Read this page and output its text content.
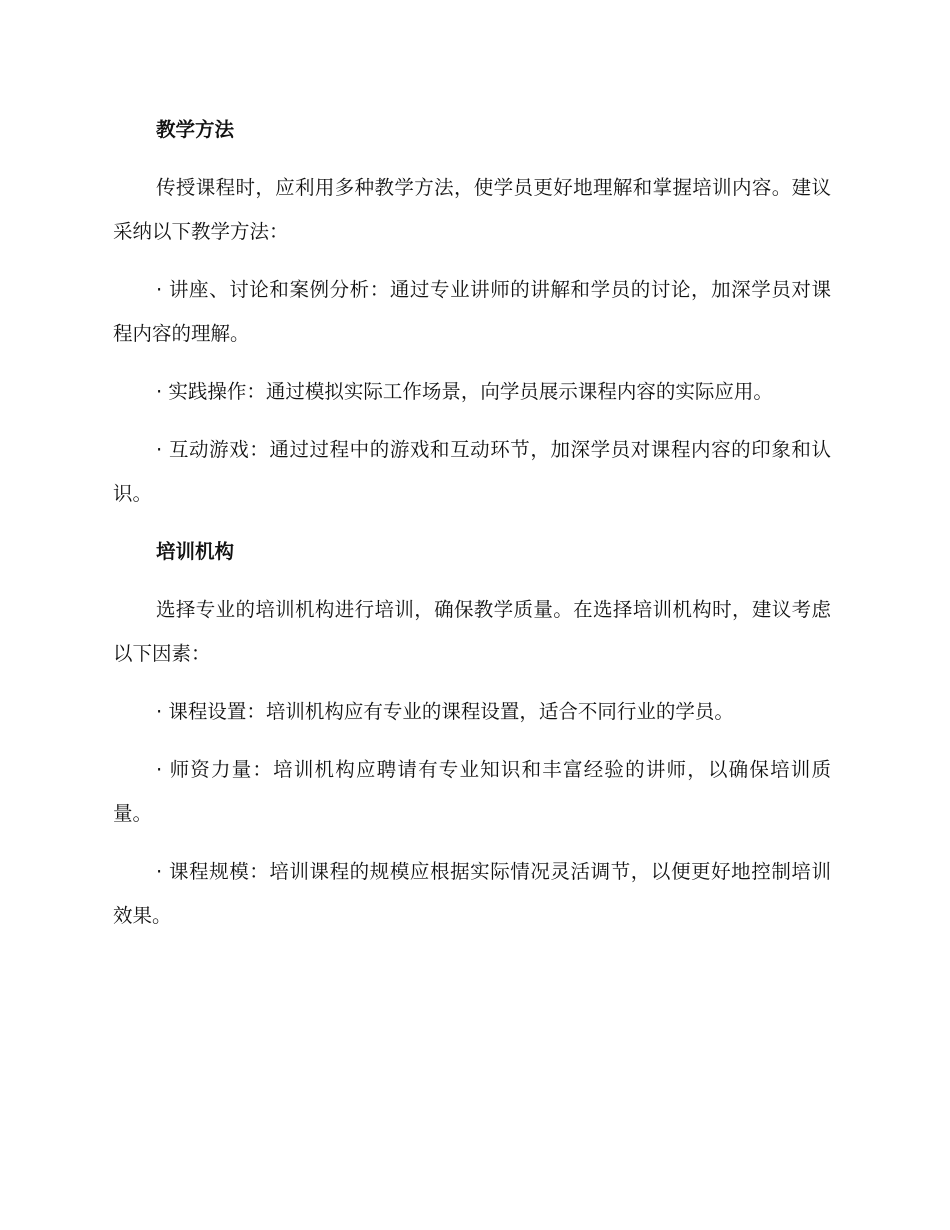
教学方法

传授课程时，应利用多种教学方法，使学员更好地理解和掌握培训内容。建议采纳以下教学方法：

· 讲座、讨论和案例分析：通过专业讲师的讲解和学员的讨论，加深学员对课程内容的理解。

· 实践操作：通过模拟实际工作场景，向学员展示课程内容的实际应用。

· 互动游戏：通过过程中的游戏和互动环节，加深学员对课程内容的印象和认识。

培训机构

选择专业的培训机构进行培训，确保教学质量。在选择培训机构时，建议考虑以下因素：

· 课程设置：培训机构应有专业的课程设置，适合不同行业的学员。

· 师资力量：培训机构应聘请有专业知识和丰富经验的讲师，以确保培训质量。

· 课程规模：培训课程的规模应根据实际情况灵活调节，以便更好地控制培训效果。
